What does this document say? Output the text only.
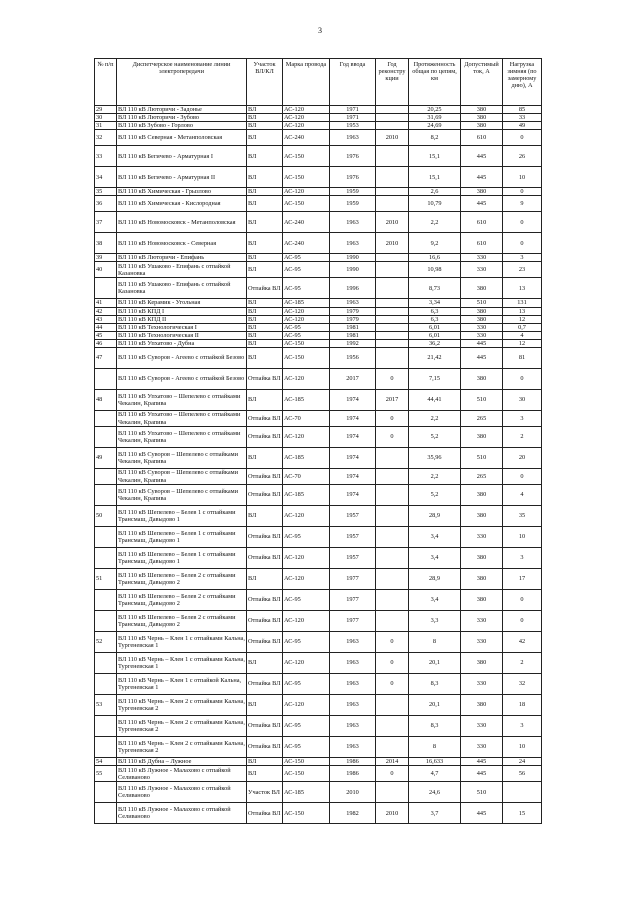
3
№ п/п	Диспетчерское наименование линии электропередачи	Участок ВЛ/КЛ	Марка провода	Год ввода	Год реконструкции	Протяженность общая по цепям, км	Допустимый ток, А	Нагрузка зимняя (по замерному дню), А
29	ВЛ 110 кВ Люторичи - Задонье	ВЛ	АС-120	1971		20,25	380	85
30	ВЛ 110 кВ Люторичи - Зубово	ВЛ	АС-120	1971		31,69	380	33
31	ВЛ 110 кВ Зубово - Горлово	ВЛ	АС-120	1953		24,69	380	49
32	ВЛ 110 кВ Северная - Метанполовская	ВЛ	АС-240	1963	2010	8,2	610	0
33	ВЛ 110 кВ Бегичево - Арматурная I	ВЛ	АС-150	1976		15,1	445	26
34	ВЛ 110 кВ Бегичево - Арматурная II	ВЛ	АС-150	1976		15,1	445	10
35	ВЛ 110 кВ Химическая - Грызлово	ВЛ	АС-120	1959		2,6	380	0
36	ВЛ 110 кВ Химическая - Кислородная	ВЛ	АС-150	1959		10,79	445	9
37	ВЛ 110 кВ Новомосковск - Метанполовская	ВЛ	АС-240	1963	2010	2,2	610	0
38	ВЛ 110 кВ Новомосковск - Северная	ВЛ	АС-240	1963	2010	9,2	610	0
39	ВЛ 110 кВ Люторичи - Епифань	ВЛ	АС-95	1990		16,6	330	3
40	ВЛ 110 кВ Ушаково - Епифань с отпайкой Казановка	ВЛ	АС-95	1990		10,98	330	23
	ВЛ 110 кВ Ушаково - Епифань с отпайкой Казановка	Отпайка ВЛ	АС-95	1996		8,73	380	13
41	ВЛ 110 кВ Керамик - Угольная	ВЛ	АС-185	1963		3,34	510	131
42	ВЛ 110 кВ КПД I	ВЛ	АС-120	1979		6,3	380	13
43	ВЛ 110 кВ КПД II	ВЛ	АС-120	1979		6,3	380	12
44	ВЛ 110 кВ Технологическая I	ВЛ	АС-95	1981		6,01	330	0,7
45	ВЛ 110 кВ Технологическая II	ВЛ	АС-95	1981		6,01	330	4
46	ВЛ 110 кВ Упхатово - Дубна	ВЛ	АС-150	1992		36,2	445	12
47	ВЛ 110 кВ Суворов - Агеево с отпайкой Безово	ВЛ	АС-150	1956		21,42	445	81
	ВЛ 110 кВ Суворов - Агеево с отпайкой Безово	Отпайка ВЛ	АС-120	2017	0	7,15	380	0
48	ВЛ 110 кВ Упхатово – Шепелево с отпайками Чекалин, Крапива	ВЛ	АС-185	1974	2017	44,41	510	30
	ВЛ 110 кВ Упхатово – Шепелево с отпайками Чекалин, Крапива	Отпайка ВЛ	АС-70	1974	0	2,2	265	3
	ВЛ 110 кВ Упхатово – Шепелево с отпайками Чекалин, Крапива	Отпайка ВЛ	АС-120	1974	0	5,2	380	2
49	ВЛ 110 кВ Суворов – Шепелево с отпайками Чекалин, Крапива	ВЛ	АС-185	1974		35,96	510	20
	ВЛ 110 кВ Суворов – Шепелево с отпайками Чекалин, Крапива	Отпайка ВЛ	АС-70	1974		2,2	265	0
	ВЛ 110 кВ Суворов – Шепелево с отпайками Чекалин, Крапива	Отпайка ВЛ	АС-185	1974		5,2	380	4
50	ВЛ 110 кВ Шепелево – Белев 1 с отпайками Трансмаш, Давыдово 1	ВЛ	АС-120	1957		28,9	380	35
	ВЛ 110 кВ Шепелево – Белев 1 с отпайками Трансмаш, Давыдово 1	Отпайка ВЛ	АС-95	1957		3,4	330	10
	ВЛ 110 кВ Шепелево – Белев 1 с отпайками Трансмаш, Давыдово 1	Отпайка ВЛ	АС-120	1957		3,4	380	3
51	ВЛ 110 кВ Шепелево – Белев 2 с отпайками Трансмаш, Давыдово 2	ВЛ	АС-120	1977		28,9	380	17
	ВЛ 110 кВ Шепелево – Белев 2 с отпайками Трансмаш, Давыдово 2	Отпайка ВЛ	АС-95	1977		3,4	380	0
	ВЛ 110 кВ Шепелево – Белев 2 с отпайками Трансмаш, Давыдово 2	Отпайка ВЛ	АС-120	1977		3,3	330	0
52	ВЛ 110 кВ Чернь – Клен 1 с отпайками Кальна, Тургеневская 1	Отпайка ВЛ	АС-95	1963	0	8	330	42
	ВЛ 110 кВ Чернь – Клен 1 с отпайками Кальна, Тургеневская 1	ВЛ	АС-120	1963	0	20,1	380	2
	ВЛ 110 кВ Чернь – Клен 1 с отпайкой Кальна, Тургеневская 1	Отпайка ВЛ	АС-95	1963	0	8,3	330	32
53	ВЛ 110 кВ Чернь – Клен 2 с отпайками Кальна, Тургеневская 2	ВЛ	АС-120	1963		20,1	380	18
	ВЛ 110 кВ Чернь – Клен 2 с отпайками Кальна, Тургеневская 2	Отпайка ВЛ	АС-95	1963		8,3	330	3
	ВЛ 110 кВ Чернь – Клен 2 с отпайками Кальна, Тургеневская 2	Отпайка ВЛ	АС-95	1963		8	330	10
54	ВЛ 110 кВ Дубна – Лужное	ВЛ	АС-150	1986	2014	16,633	445	24
55	ВЛ 110 кВ Лужное - Малахово с отпайкой Селиваново	ВЛ	АС-150	1986	0	4,7	445	56
	ВЛ 110 кВ Лужное - Малахово с отпайкой Селиваново	Участок ВЛ	АС-185	2010		24,6	510	
	ВЛ 110 кВ Лужное - Малахово с отпайкой Селиваново	Отпайка ВЛ	АС-150	1982	2010	3,7	445	15
